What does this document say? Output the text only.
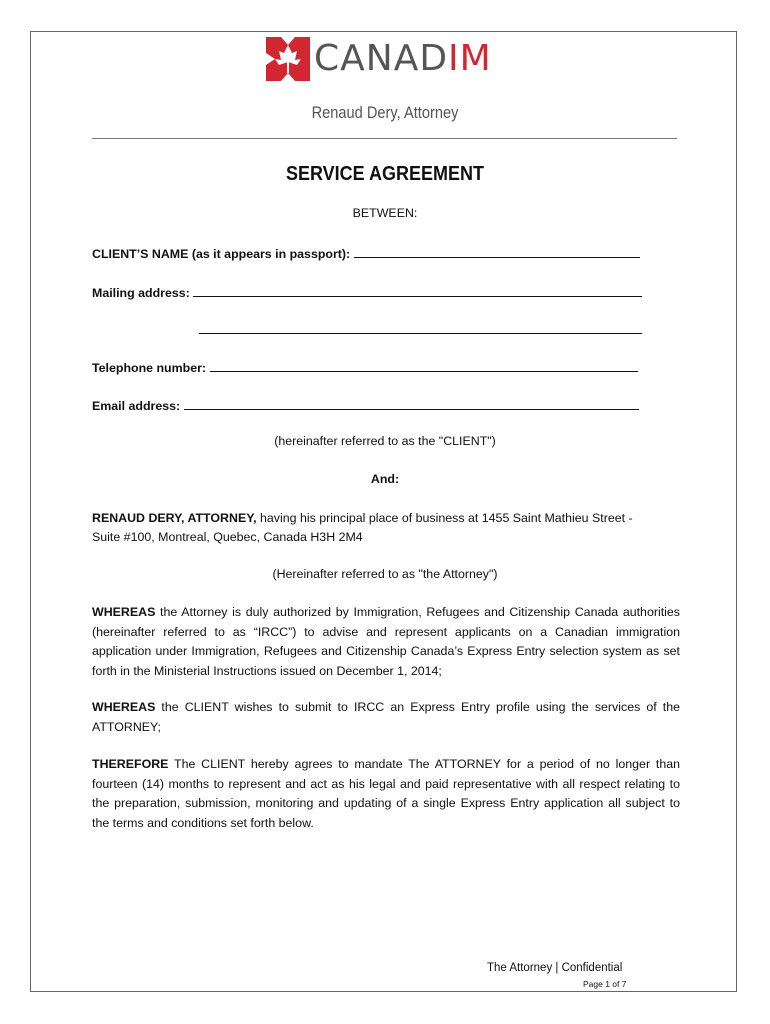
CANADIM
Renaud Dery, Attorney
SERVICE AGREEMENT
BETWEEN:
CLIENT’S NAME (as it appears in passport):
Mailing address:
Telephone number:
Email address:
(hereinafter referred to as the "CLIENT")
And:
RENAUD DERY, ATTORNEY, having his principal place of business at 1455 Saint Mathieu Street -
Suite #100, Montreal, Quebec, Canada H3H 2M4
(Hereinafter referred to as "the Attorney")
WHEREAS the Attorney is duly authorized by Immigration, Refugees and Citizenship Canada authorities (hereinafter referred to as “IRCC”) to advise and represent applicants on a Canadian immigration application under Immigration, Refugees and Citizenship Canada’s Express Entry selection system as set forth in the Ministerial Instructions issued on December 1, 2014;
WHEREAS the CLIENT wishes to submit to IRCC an Express Entry profile using the services of the ATTORNEY;
THEREFORE The CLIENT hereby agrees to mandate The ATTORNEY for a period of no longer than fourteen (14) months to represent and act as his legal and paid representative with all respect relating to the preparation, submission, monitoring and updating of a single Express Entry application all subject to the terms and conditions set forth below.
The Attorney | Confidential
Page 1 of 7
